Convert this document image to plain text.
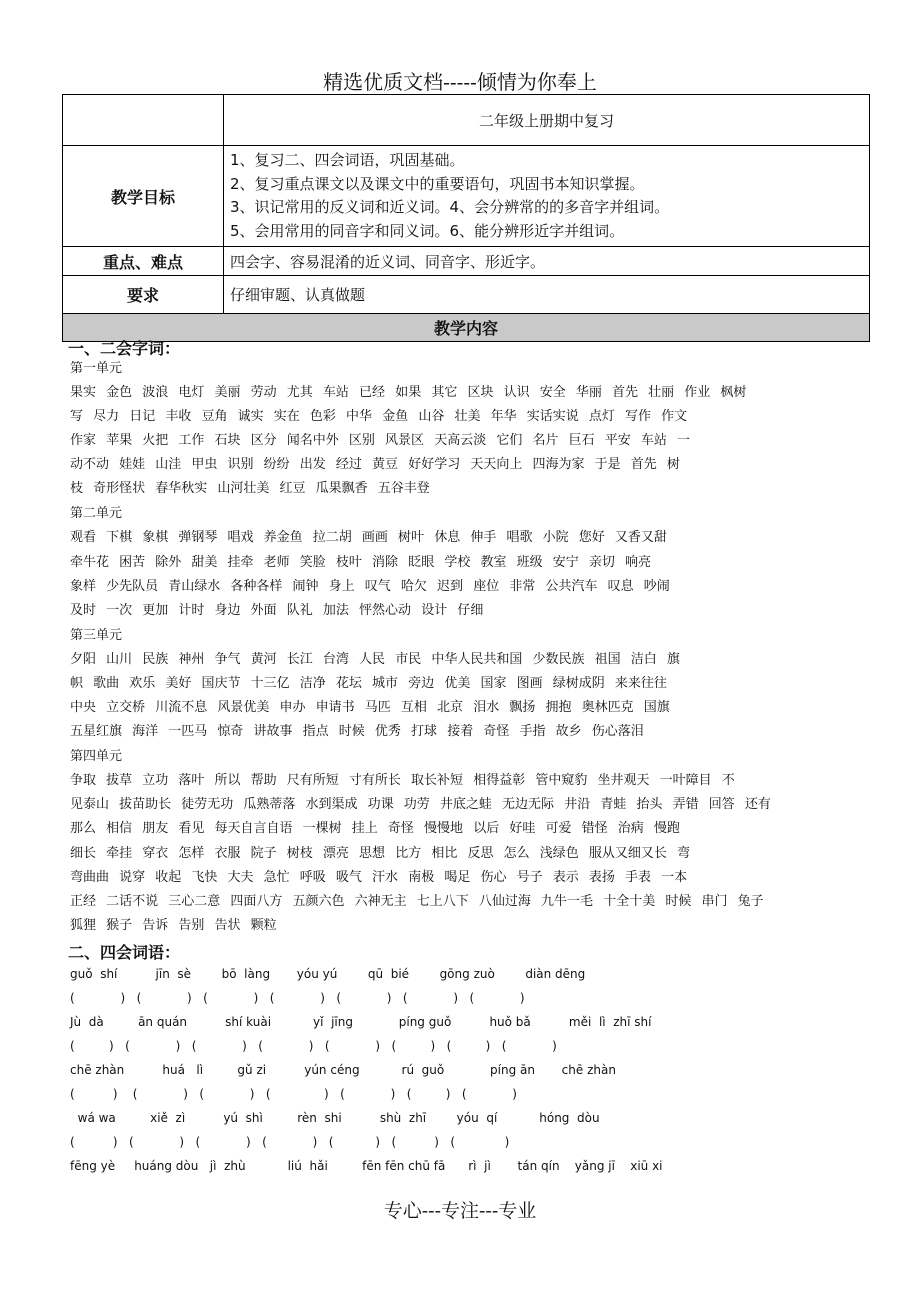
精选优质文档-----倾情为你奉上
	二年级上册期中复习
教学目标	1、复习二、四会词语，巩固基础。

2、复习重点课文以及课文中的重要语句，巩固书本知识掌握。

3、识记常用的反义词和近义词。4、会分辨常的的多音字并组词。

5、会用常用的同音字和同义词。6、能分辨形近字并组词。

重点、难点	四会字、容易混淆的近义词、同音字、形近字。
要求	仔细审题、认真做题
教学内容	
一、二会字词：

第一单元

果实 金色 波浪 电灯 美丽 劳动 尤其 车站 已经 如果 其它 区块 认识 安全 华丽 首先 壮丽 作业 枫树

写 尽力 日记 丰收 豆角 诚实 实在 色彩 中华 金鱼 山谷 壮美 年华 实话实说 点灯 写作 作文

作家 苹果 火把 工作 石块 区分 闻名中外 区别 风景区 天高云淡 它们 名片 巨石 平安 车站 一

动不动 娃娃 山洼 甲虫 识别 纷纷 出发 经过 黄豆 好好学习 天天向上 四海为家 于是 首先 树

枝 奇形怪状 春华秋实 山河壮美 红豆 瓜果飘香 五谷丰登

第二单元

观看 下棋 象棋 弹钢琴 唱戏 养金鱼 拉二胡 画画 树叶 休息 伸手 唱歌 小院 您好 又香又甜

牵牛花 困苦 除外 甜美 挂牵 老师 笑脸 枝叶 消除 眨眼 学校 教室 班级 安宁 亲切 响亮

象样 少先队员 青山绿水 各种各样 闹钟 身上 叹气 哈欠 迟到 座位 非常 公共汽车 叹息 吵闹

及时 一次 更加 计时 身边 外面 队礼 加法 怦然心动 设计 仔细

第三单元

夕阳 山川 民族 神州 争气 黄河 长江 台湾 人民 市民 中华人民共和国 少数民族 祖国 洁白 旗

帜 歌曲 欢乐 美好 国庆节 十三亿 洁净 花坛 城市 旁边 优美 国家 图画 绿树成阴 来来往往

中央 立交桥 川流不息 风景优美 申办 申请书 马匹 互相 北京 泪水 飘扬 拥抱 奥林匹克 国旗

五星红旗 海洋 一匹马 惊奇 讲故事 指点 时候 优秀 打球 接着 奇怪 手指 故乡 伤心落泪

第四单元

争取 拔草 立功 落叶 所以 帮助 尺有所短 寸有所长 取长补短 相得益彰 管中窥豹 坐井观天 一叶障目 不

见泰山 拔苗助长 徒劳无功 瓜熟蒂落 水到渠成 功课 功劳 井底之蛙 无边无际 井沿 青蛙 抬头 弄错 回答 还有

那么 相信 朋友 看见 每天自言自语 一棵树 挂上 奇怪 慢慢地 以后 好哇 可爱 错怪 治病 慢跑

细长 牵挂 穿衣 怎样 衣服 院子 树枝 漂亮 思想 比方 相比 反思 怎么 浅绿色 服从又细又长 弯

弯曲曲 说穿 收起 飞快 大夫 急忙 呼吸 吸气 汗水 南极 喝足 伤心 号子 表示 表扬 手表 一本

正经 二话不说 三心二意 四面八方 五颜六色 六神无主 七上八下 八仙过海 九牛一毛 十全十美 时候 串门 兔子

狐狸 猴子 告诉 告别 告状 颗粒

二、四会词语：

guǒ  shí          jīn  sè        bō  làng       yóu yú        qū  bié        gōng zuò        diàn dēng

(            )   (            )   (            )   (            )   (            )   (            )   (            )

Jù  dà         ān quán          shí kuài           yǐ  jīng            píng guǒ          huǒ bǎ          měi  lì  zhī shí

(         )   (            )   (            )   (            )   (            )   (         )   (         )   (            )

chē zhàn          huá   lì         gǔ zi          yún céng           rú  guǒ            píng ān       chē zhàn

(          )    (            )   (            )   (              )   (            )   (         )   (            )

wá wa         xiě  zì          yú  shì         rèn  shi          shù  zhī        yóu  qí           hóng  dòu

(          )   (            )   (            )   (            )   (           )   (          )   (             )

fēng yè     huáng dòu   jì  zhù           liú  hǎi         fēn fēn chū fā      rì  jì       tán qín    yǎng jī    xiū xi

专心---专注---专业
